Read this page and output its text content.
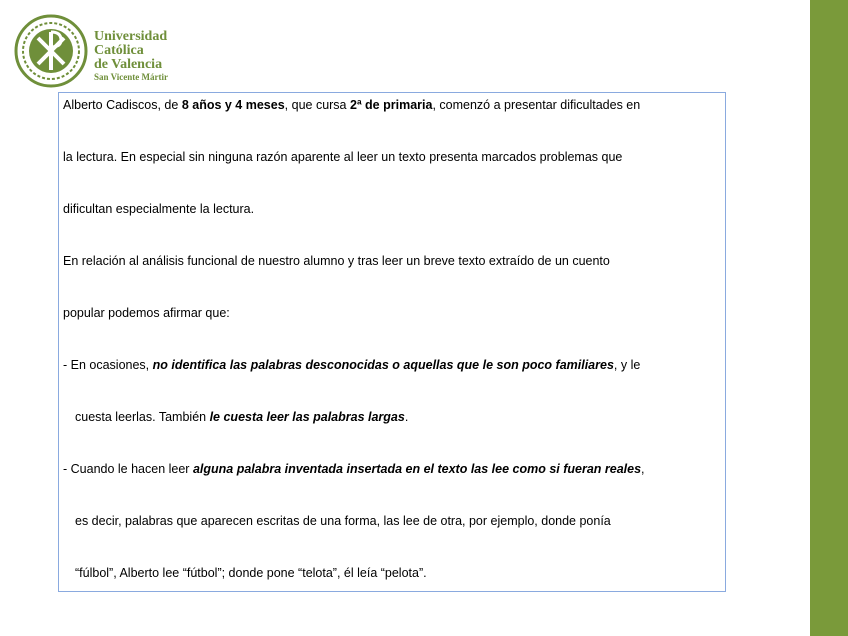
Universidad
Católica
de Valencia
San Vicente Mártir
Alberto Cadiscos, de 8 años y 4 meses, que cursa 2ª de primaria, comenzó a presentar dificultades en
la lectura. En especial sin ninguna razón aparente al leer un texto presenta marcados problemas que
dificultan especialmente la lectura.
En relación al análisis funcional de nuestro alumno y tras leer un breve texto extraído de un cuento
popular podemos afirmar que:
- En ocasiones, no identifica las palabras desconocidas o aquellas que le son poco familiares, y le
cuesta leerlas. También le cuesta leer las palabras largas.
- Cuando le hacen leer alguna palabra inventada insertada en el texto las lee como si fueran reales,
es decir, palabras que aparecen escritas de una forma, las lee de otra, por ejemplo, donde ponía
“fúlbol”, Alberto lee “fútbol”; donde pone “telota”, él leía “pelota”.
